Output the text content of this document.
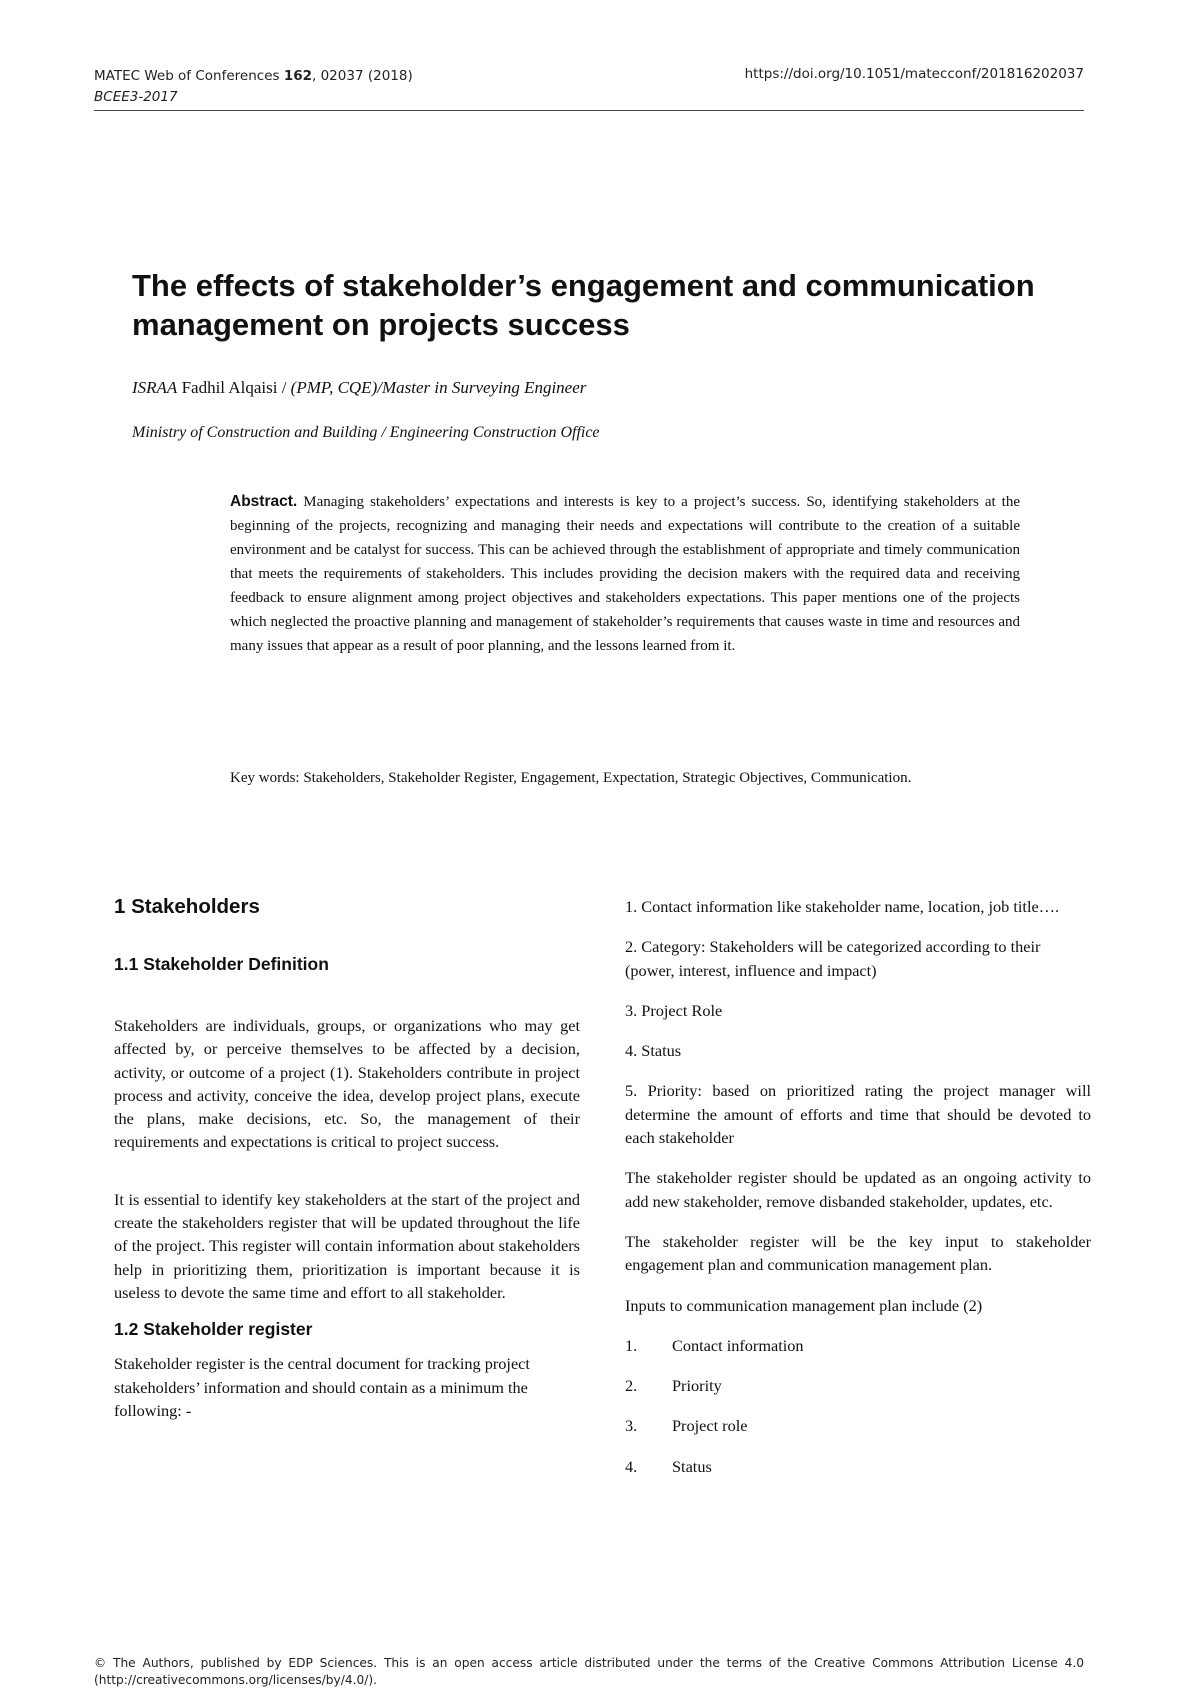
MATEC Web of Conferences 162, 02037 (2018)
BCEE3-2017
https://doi.org/10.1051/matecconf/201816202037
The effects of stakeholder’s engagement and communication management on projects success
ISRAA Fadhil Alqaisi / (PMP, CQE)/Master in Surveying Engineer
Ministry of Construction and Building / Engineering Construction Office

Abstract. Managing stakeholders’ expectations and interests is key to a project’s success. So, identifying stakeholders at the beginning of the projects, recognizing and managing their needs and expectations will contribute to the creation of a suitable environment and be catalyst for success. This can be achieved through the establishment of appropriate and timely communication that meets the requirements of stakeholders. This includes providing the decision makers with the required data and receiving feedback to ensure alignment among project objectives and stakeholders expectations. This paper mentions one of the projects which neglected the proactive planning and management of stakeholder’s requirements that causes waste in time and resources and many issues that appear as a result of poor planning, and the lessons learned from it.

Key words: Stakeholders, Stakeholder Register, Engagement, Expectation, Strategic Objectives, Communication.

1 Stakeholders
1.1 Stakeholder Definition

Stakeholders are individuals, groups, or organizations who may get affected by, or perceive themselves to be affected by a decision, activity, or outcome of a project (1). Stakeholders contribute in project process and activity, conceive the idea, develop project plans, execute the plans, make decisions, etc. So, the management of their requirements and expectations is critical to project success.

It is essential to identify key stakeholders at the start of the project and create the stakeholders register that will be updated throughout the life of the project. This register will contain information about stakeholders help in prioritizing them, prioritization is important because it is useless to devote the same time and effort to all stakeholder.

1.2 Stakeholder register

Stakeholder register is the central document for tracking project stakeholders’ information and should contain as a minimum the following: -

1. Contact information like stakeholder name, location, job title….

2. Category: Stakeholders will be categorized according to their (power, interest, influence and impact)

3. Project Role

4. Status

5. Priority: based on prioritized rating the project manager will determine the amount of efforts and time that should be devoted to each stakeholder

The stakeholder register should be updated as an ongoing activity to add new stakeholder, remove disbanded stakeholder, updates, etc.

The stakeholder register will be the key input to stakeholder engagement plan and communication management plan.

Inputs to communication management plan include (2)

1.	Contact information
2.	Priority
3.	Project role
4.	Status

© The Authors, published by EDP Sciences. This is an open access article distributed under the terms of the Creative Commons Attribution License 4.0 (http://creativecommons.org/licenses/by/4.0/).
